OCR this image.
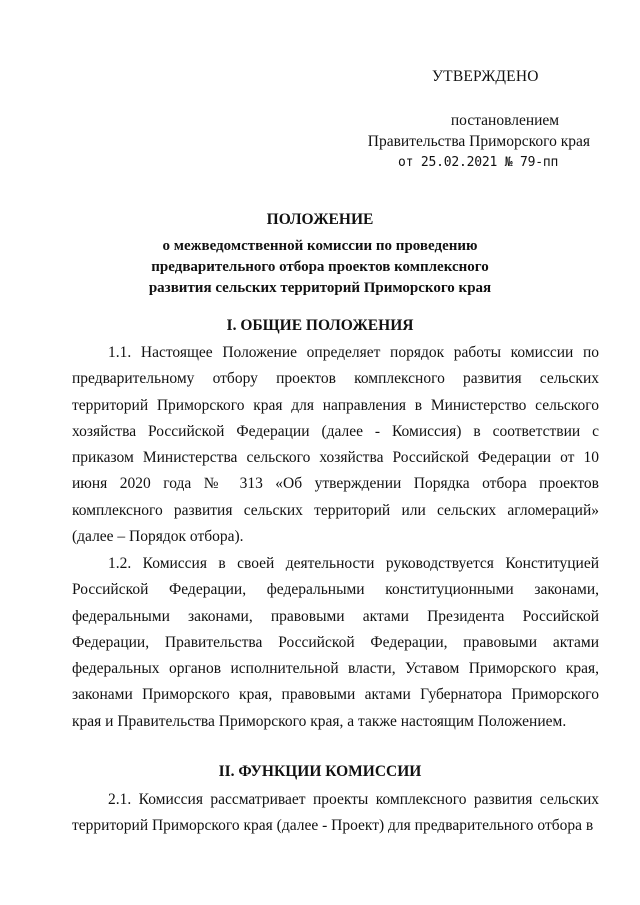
УТВЕРЖДЕНО
постановлением
Правительства Приморского края
от 25.02.2021 № 79-пп
ПОЛОЖЕНИЕ
о межведомственной комиссии по проведению
предварительного отбора проектов комплексного
развития сельских территорий Приморского края
I. ОБЩИЕ ПОЛОЖЕНИЯ

1.1. Настоящее Положение определяет порядок работы комиссии по предварительному отбору проектов комплексного развития сельских территорий Приморского края для направления в Министерство сельского хозяйства Российской Федерации (далее - Комиссия) в соответствии с приказом Министерства сельского хозяйства Российской Федерации от 10 июня 2020 года № 313 «Об утверждении Порядка отбора проектов комплексного развития сельских территорий или сельских агломераций» (далее – Порядок отбора).

1.2. Комиссия в своей деятельности руководствуется Конституцией Российской Федерации, федеральными конституционными законами, федеральными законами, правовыми актами Президента Российской Федерации, Правительства Российской Федерации, правовыми актами федеральных органов исполнительной власти, Уставом Приморского края, законами Приморского края, правовыми актами Губернатора Приморского края и Правительства Приморского края, а также настоящим Положением.

II. ФУНКЦИИ КОМИССИИ

2.1. Комиссия рассматривает проекты комплексного развития сельских территорий Приморского края (далее - Проект) для предварительного отбора в
